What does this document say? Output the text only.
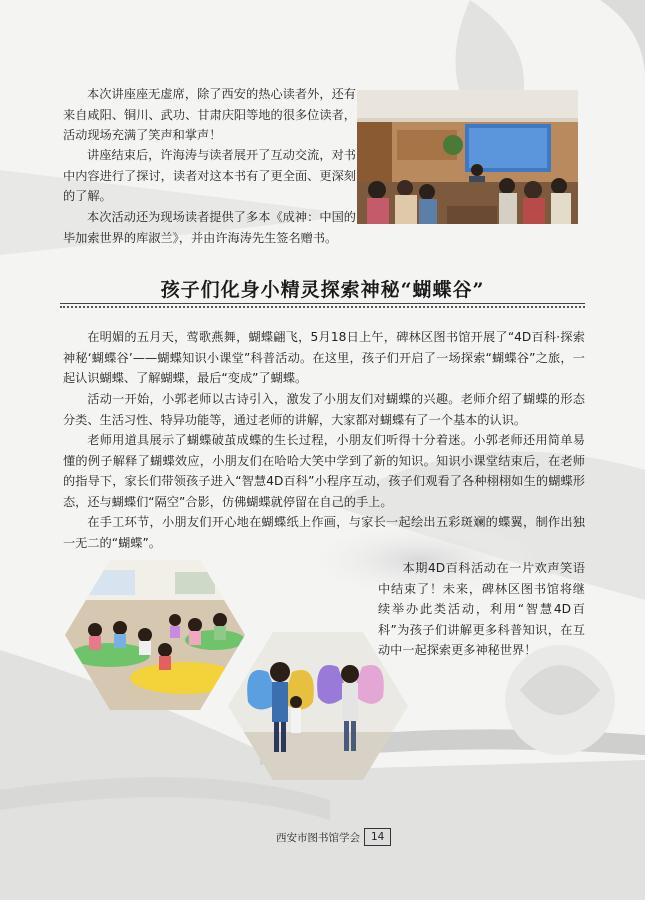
本次讲座座无虚席，除了西安的热心读者外，还有来自咸阳、铜川、武功、甘肃庆阳等地的很多位读者，活动现场充满了笑声和掌声！

讲座结束后，许海涛与读者展开了互动交流，对书中内容进行了探讨，读者对这本书有了更全面、更深刻的了解。

本次活动还为现场读者提供了多本《成神：中国的毕加索世界的库淑兰》，并由许海涛先生签名赠书。

孩子们化身小精灵探索神秘“蝴蝶谷”

在明媚的五月天，莺歌燕舞，蝴蝶翩飞，5月18日上午，碑林区图书馆开展了“4D百科·探索神秘‘蝴蝶谷’——蝴蝶知识小课堂”科普活动。在这里，孩子们开启了一场探索“蝴蝶谷”之旅，一起认识蝴蝶、了解蝴蝶，最后“变成”了蝴蝶。

活动一开始，小郭老师以古诗引入，激发了小朋友们对蝴蝶的兴趣。老师介绍了蝴蝶的形态分类、生活习性、特异功能等，通过老师的讲解，大家都对蝴蝶有了一个基本的认识。

老师用道具展示了蝴蝶破茧成蝶的生长过程，小朋友们听得十分着迷。小郭老师还用简单易懂的例子解释了蝴蝶效应，小朋友们在哈哈大笑中学到了新的知识。知识小课堂结束后，在老师的指导下，家长们带领孩子进入“智慧4D百科”小程序互动，孩子们观看了各种栩栩如生的蝴蝶形态，还与蝴蝶们“隔空”合影，仿佛蝴蝶就停留在自己的手上。

在手工环节，小朋友们开心地在蝴蝶纸上作画，与家长一起绘出五彩斑斓的蝶翼，制作出独一无二的“蝴蝶”。

本期4D百科活动在一片欢声笑语中结束了！未来，碑林区图书馆将继续举办此类活动，利用“智慧4D百科”为孩子们讲解更多科普知识，在互动中一起探索更多神秘世界！

西安市图书馆学会	14
